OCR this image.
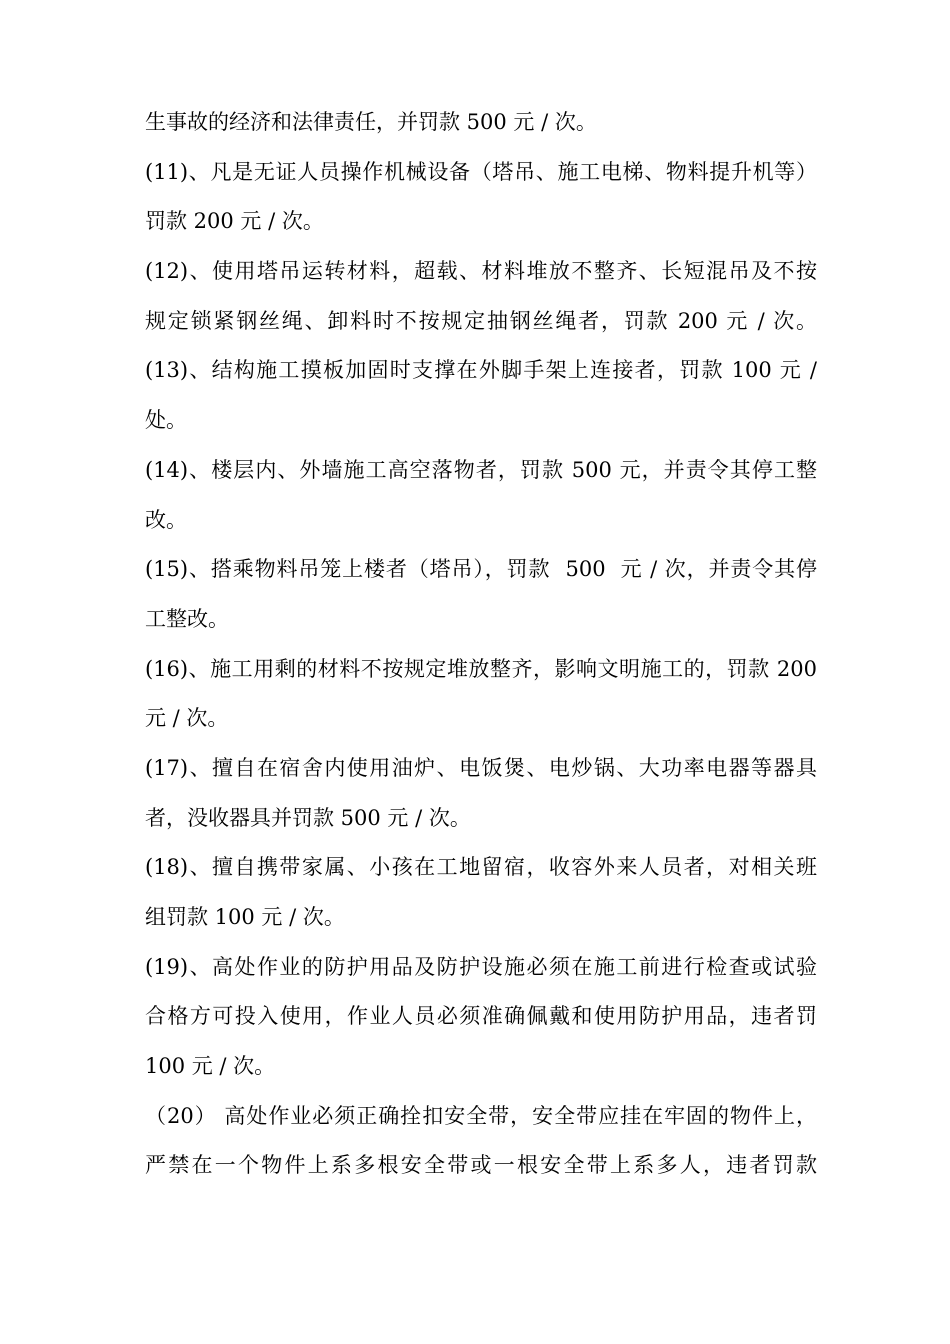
生事故的经济和法律责任，并罚款 500 元 / 次。
(11)、凡是无证人员操作机械设备（塔吊、施工电梯、物料提升机等）
罚款 200 元 / 次。
(12)、使用塔吊运转材料，超载、材料堆放不整齐、长短混吊及不按
规定锁紧钢丝绳、卸料时不按规定抽钢丝绳者，罚款 200 元 / 次。
(13)、结构施工摸板加固时支撑在外脚手架上连接者，罚款 100 元 /
处。
(14)、楼层内、外墙施工高空落物者，罚款 500 元，并责令其停工整
改。
(15)、搭乘物料吊笼上楼者（塔吊），罚款  500  元 / 次，并责令其停
工整改。
(16)、施工用剩的材料不按规定堆放整齐，影响文明施工的，罚款 200
元 / 次。
(17)、擅自在宿舍内使用油炉、电饭煲、电炒锅、大功率电器等器具
者，没收器具并罚款 500 元 / 次。
(18)、擅自携带家属、小孩在工地留宿，收容外来人员者，对相关班
组罚款 100 元 / 次。
(19)、高处作业的防护用品及防护设施必须在施工前进行检查或试验
合格方可投入使用，作业人员必须准确佩戴和使用防护用品，违者罚
100 元 / 次。
（20） 高处作业必须正确拴扣安全带，安全带应挂在牢固的物件上，
严禁在一个物件上系多根安全带或一根安全带上系多人，违者罚款
